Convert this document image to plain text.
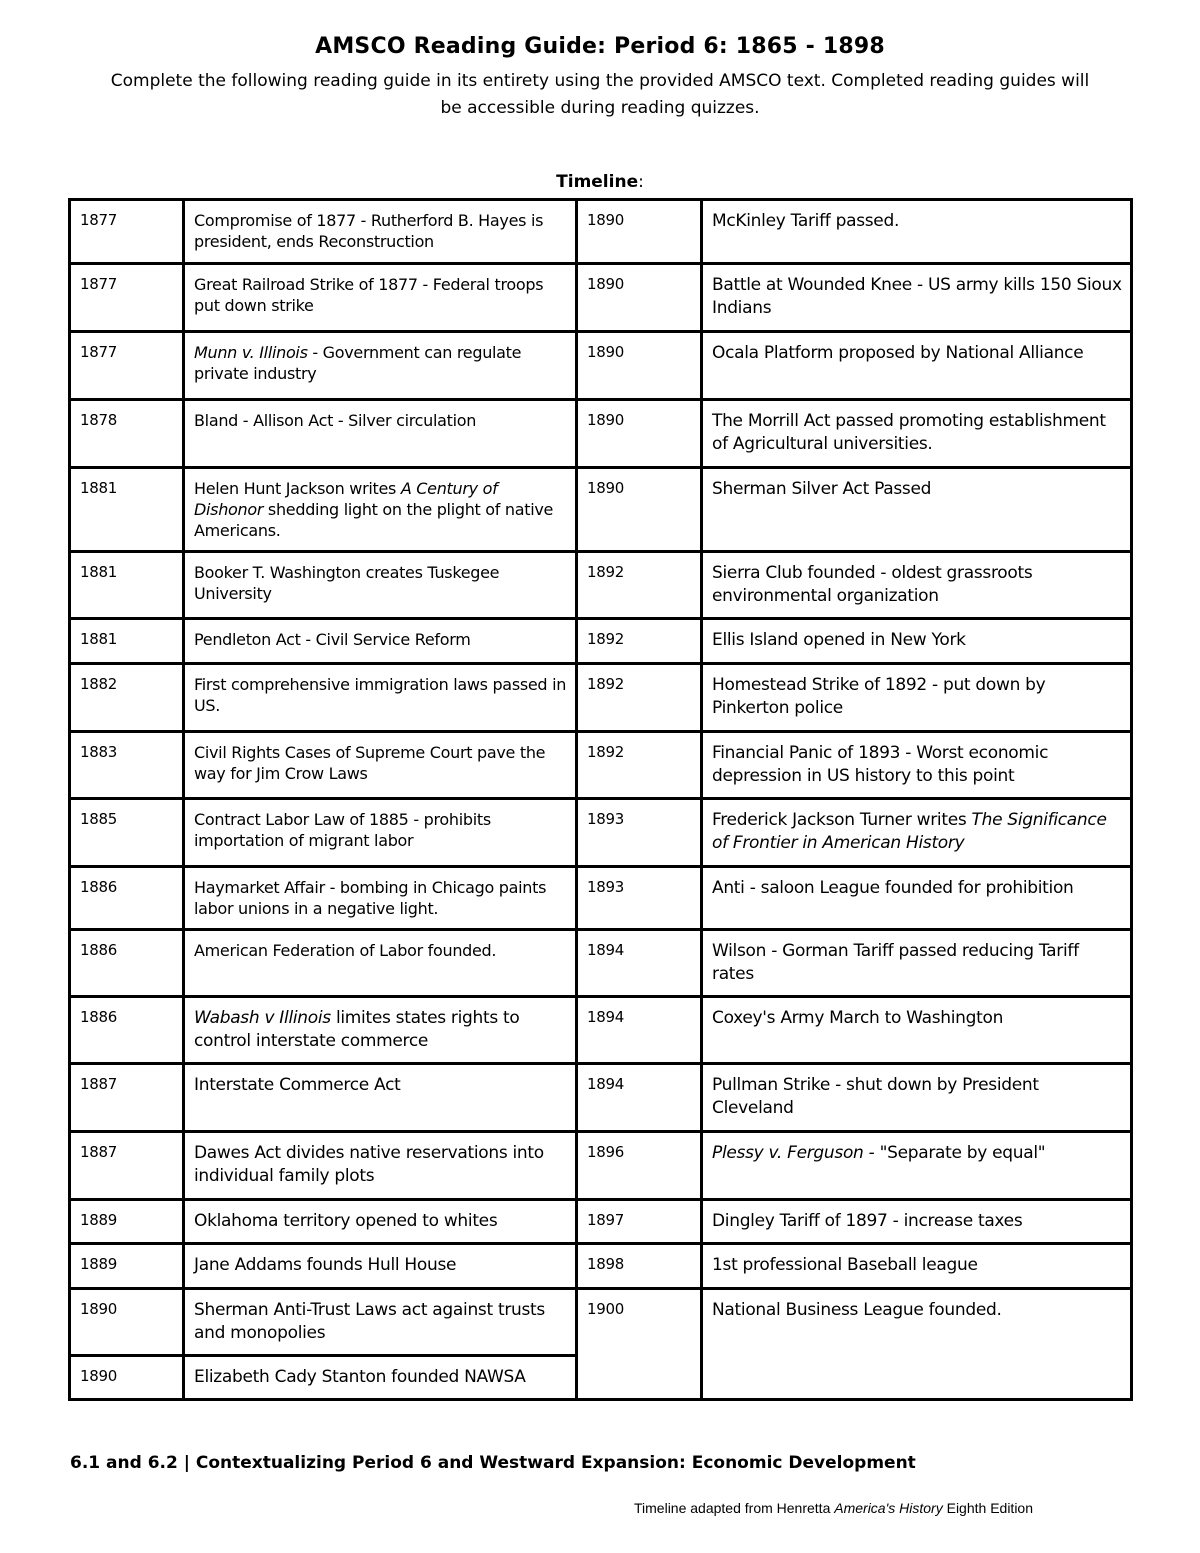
AMSCO Reading Guide: Period 6: 1865 - 1898
Complete the following reading guide in its entirety using the provided AMSCO text. Completed reading guides will
be accessible during reading quizzes.
Timeline:
1877	Compromise of 1877 - Rutherford B. Hayes is president, ends Reconstruction	1890	McKinley Tariff passed.
1877	Great Railroad Strike of 1877 - Federal troops put down strike	1890	Battle at Wounded Knee - US army kills 150 Sioux Indians
1877	Munn v. Illinois - Government can regulate private industry	1890	Ocala Platform proposed by National Alliance
1878	Bland - Allison Act - Silver circulation	1890	The Morrill Act passed promoting establishment of Agricultural universities.
1881	Helen Hunt Jackson writes A Century of Dishonor shedding light on the plight of native Americans.	1890	Sherman Silver Act Passed
1881	Booker T. Washington creates Tuskegee University	1892	Sierra Club founded - oldest grassroots environmental organization
1881	Pendleton Act - Civil Service Reform	1892	Ellis Island opened in New York
1882	First comprehensive immigration laws passed in US.	1892	Homestead Strike of 1892 - put down by Pinkerton police
1883	Civil Rights Cases of Supreme Court pave the way for Jim Crow Laws	1892	Financial Panic of 1893 - Worst economic depression in US history to this point
1885	Contract Labor Law of 1885 - prohibits importation of migrant labor	1893	Frederick Jackson Turner writes The Significance of Frontier in American History
1886	Haymarket Affair - bombing in Chicago paints labor unions in a negative light.	1893	Anti - saloon League founded for prohibition
1886	American Federation of Labor founded.	1894	Wilson - Gorman Tariff passed reducing Tariff rates
1886	Wabash v Illinois limites states rights to control interstate commerce	1894	Coxey's Army March to Washington
1887	Interstate Commerce Act	1894	Pullman Strike - shut down by President Cleveland
1887	Dawes Act divides native reservations into individual family plots	1896	Plessy v. Ferguson - "Separate by equal"
1889	Oklahoma territory opened to whites	1897	Dingley Tariff of 1897 - increase taxes
1889	Jane Addams founds Hull House	1898	1st professional Baseball league
1890	Sherman Anti-Trust Laws act against trusts and monopolies	1900	National Business League founded.
1890	Elizabeth Cady Stanton founded NAWSA		
6.1 and 6.2 | Contextualizing Period 6 and Westward Expansion: Economic Development
Timeline adapted from Henretta America's History Eighth Edition
